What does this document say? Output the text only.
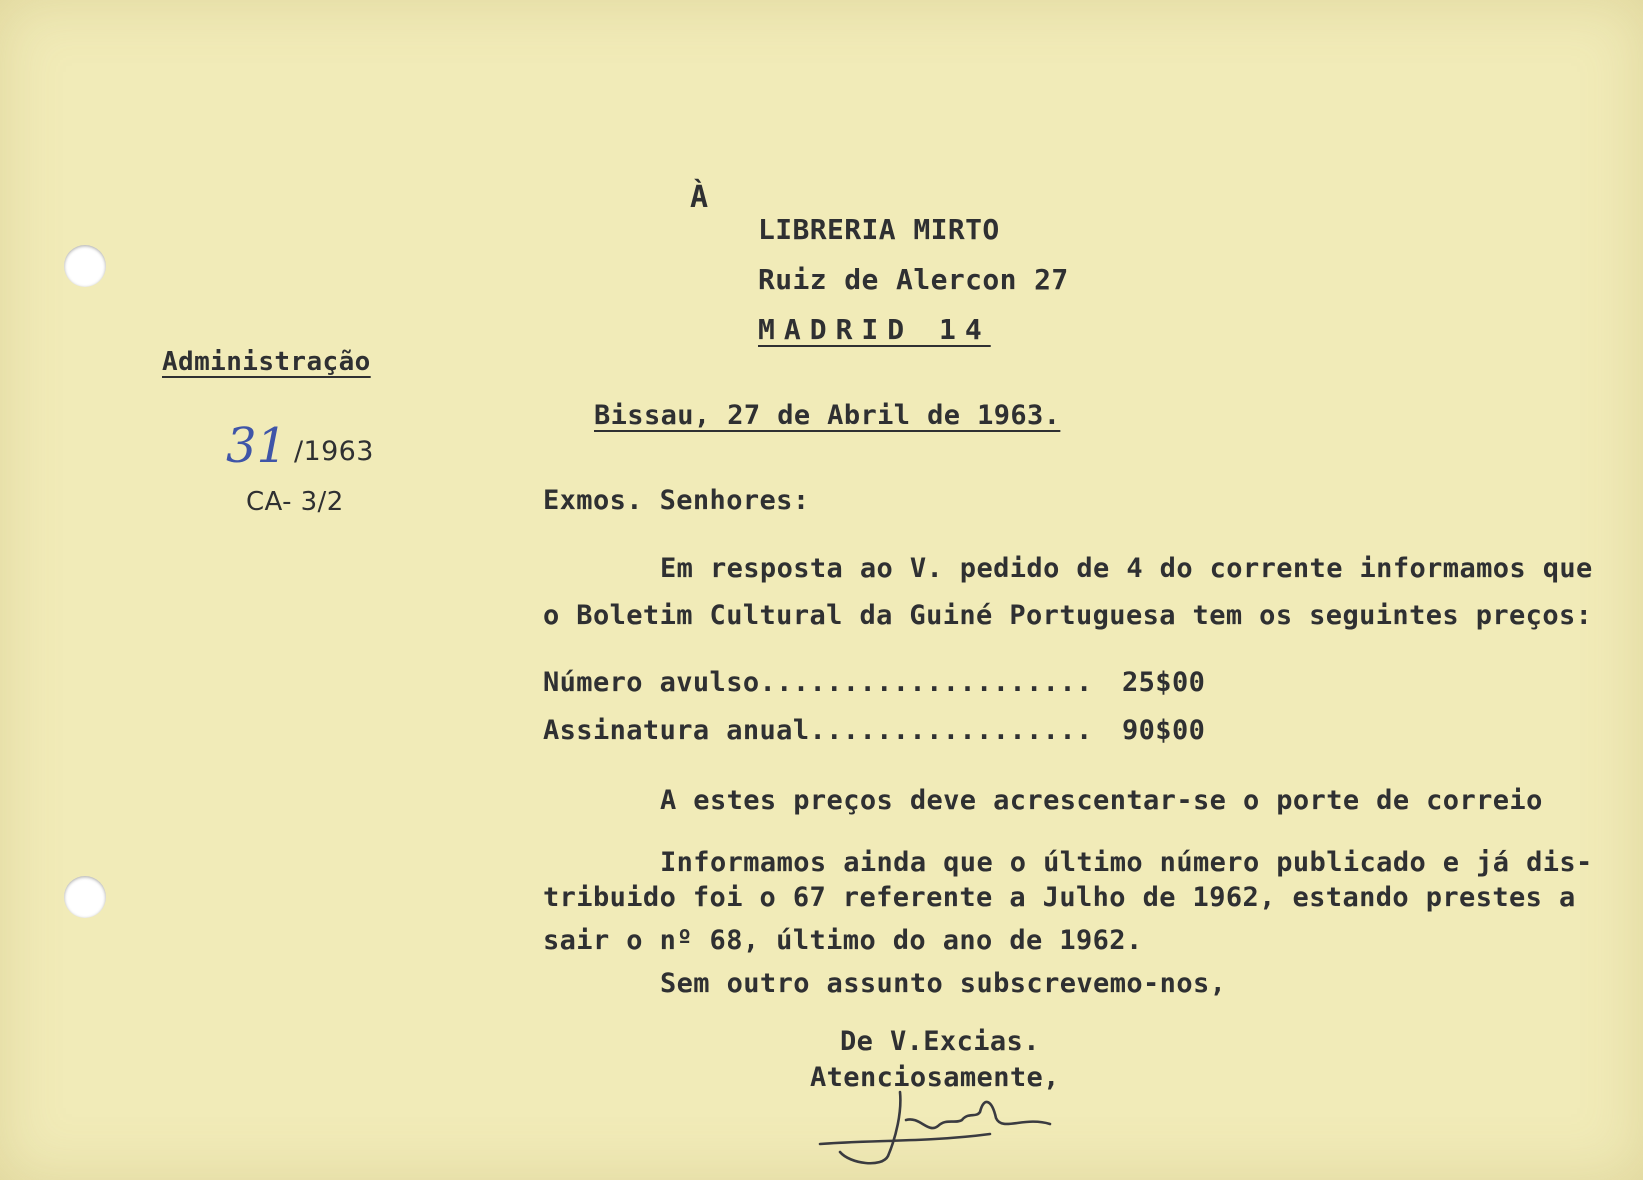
Administração
31 /1963
CA- 3/2
À
LIBRERIA MIRTO
Ruiz de Alercon 27
MADRID 14
Bissau, 27 de Abril de 1963.
Exmos. Senhores:
Em resposta ao V. pedido de 4 do corrente informamos que
o Boletim Cultural da Guiné Portuguesa tem os seguintes preços:
Número avulso.................... 25$00
Assinatura anual................. 90$00
A estes preços deve acrescentar-se o porte de correio
Informamos ainda que o último número publicado e já dis-
tribuido foi o 67 referente a Julho de 1962, estando prestes a
sair o nº 68, último do ano de 1962.
Sem outro assunto subscrevemo-nos,
De V.Excias.
Atenciosamente,
